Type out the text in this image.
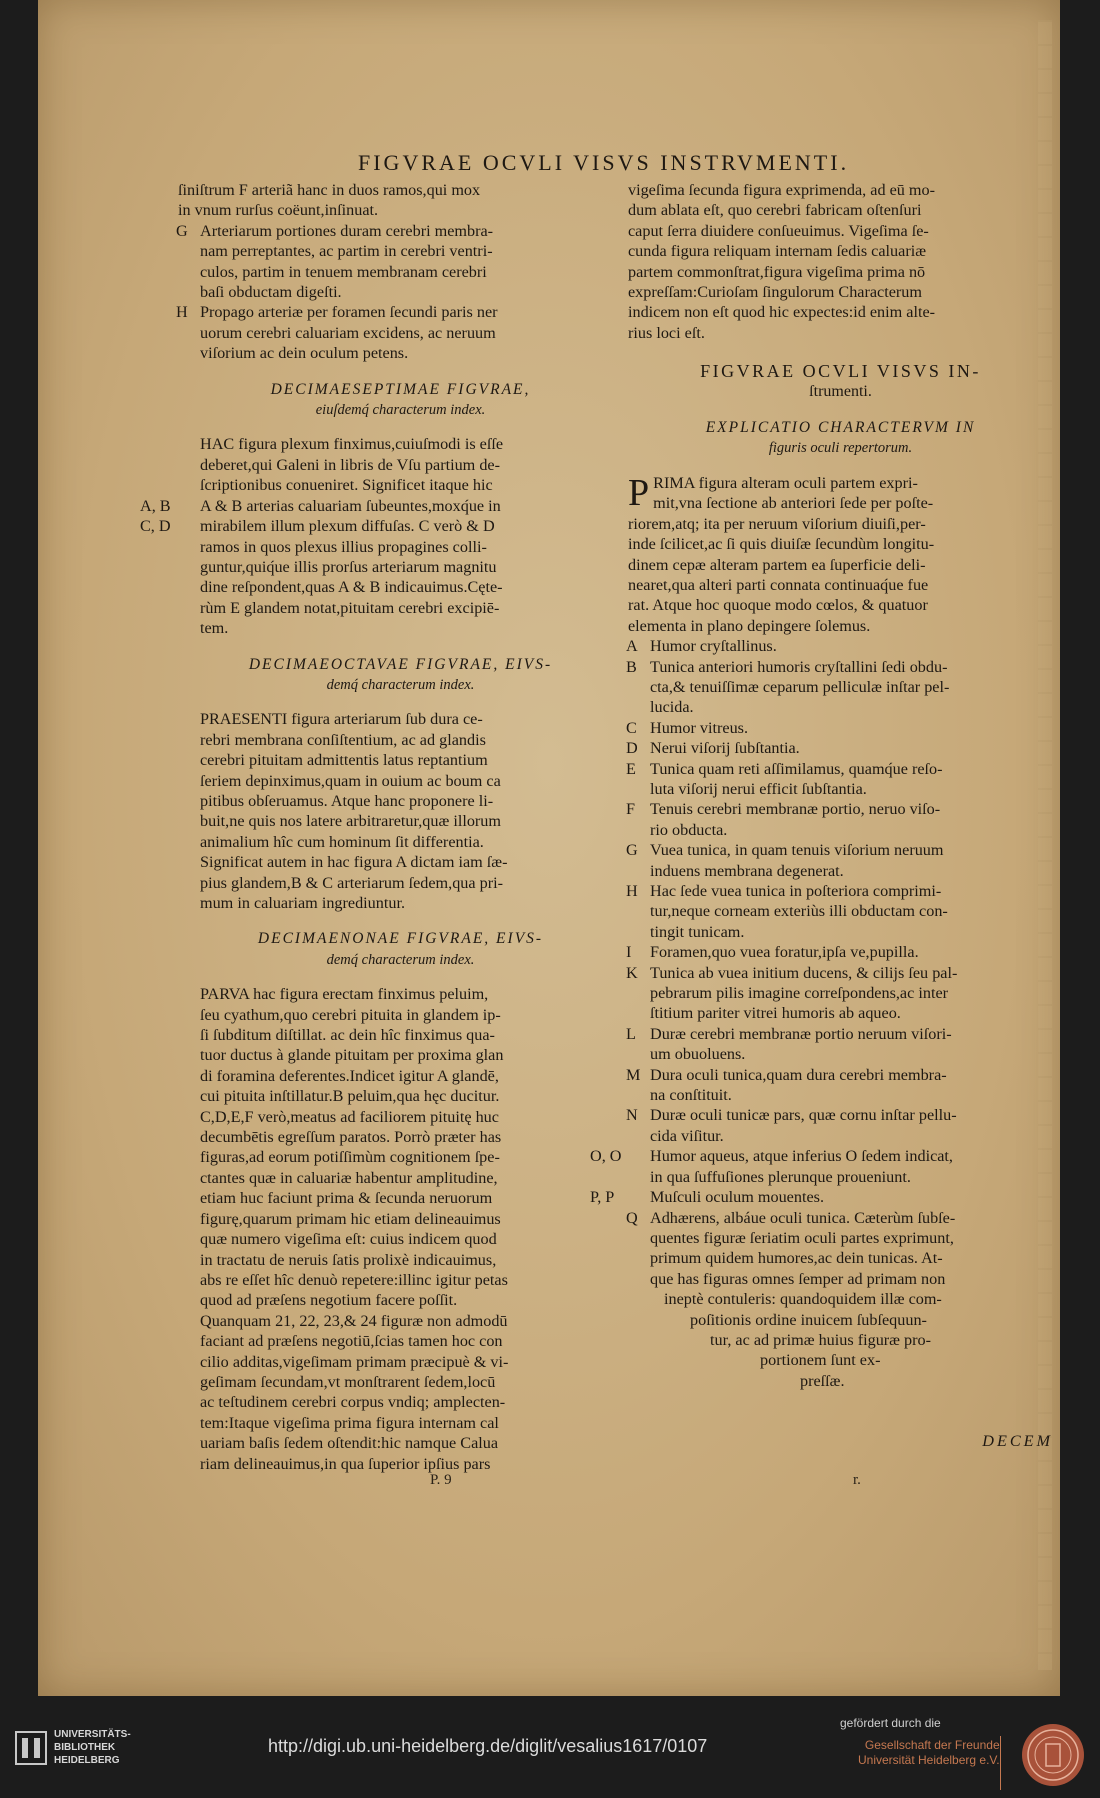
FIGVRAE OCVLI VISVS INSTRVMENTI.
ſiniſtrum F arteriã hanc in duos ramos,qui mox
in vnum rurſus coëunt,inſinuat.
G Arteriarum portiones duram cerebri membra-
nam perreptantes, ac partim in cerebri ventri-
culos, partim in tenuem membranam cerebri
baſi obductam digeſti.
H Propago arteriæ per foramen ſecundi paris ner
uorum cerebri caluariam excidens, ac neruum
viſorium ac dein oculum petens.
DECIMAESEPTIMAE FIGVRAE,
eiuſdemq́ characterum index.
HAC figura plexum finximus,cuiuſmodi is eſſe
deberet,qui Galeni in libris de Vſu partium de-
ſcriptionibus conueniret. Significet itaque hic
A, B A & B arterias caluariam ſubeuntes,moxq́ue in
C, D mirabilem illum plexum diffuſas. C verò & D
ramos in quos plexus illius propagines colli-
guntur,quiq́ue illis prorſus arteriarum magnitu
dine reſpondent,quas A & B indicauimus.Cęte-
rùm E glandem notat,pituitam cerebri excipiē-
tem.
DECIMAEOCTAVAE FIGVRAE, EIVS-
demq́ characterum index.
PRAESENTI figura arteriarum ſub dura ce-
rebri membrana conſiſtentium, ac ad glandis
cerebri pituitam admittentis latus reptantium
ſeriem depinximus,quam in ouium ac boum ca
pitibus obſeruamus. Atque hanc proponere li-
buit,ne quis nos latere arbitraretur,quæ illorum
animalium hîc cum hominum ſit differentia.
Significat autem in hac figura A dictam iam ſæ-
pius glandem,B & C arteriarum ſedem,qua pri-
mum in caluariam ingrediuntur.
DECIMAENONAE FIGVRAE, EIVS-
demq́ characterum index.
PARVA hac figura erectam finximus peluim,
ſeu cyathum,quo cerebri pituita in glandem ip-
ſi ſubditum diſtillat. ac dein hîc finximus qua-
tuor ductus à glande pituitam per proxima glan
di foramina deferentes.Indicet igitur A glandē,
cui pituita inſtillatur.B peluim,qua hęc ducitur.
C,D,E,F verò,meatus ad faciliorem pituitę huc
decumbētis egreſſum paratos. Porrò præter has
figuras,ad eorum potiſſimùm cognitionem ſpe-
ctantes quæ in caluariæ habentur amplitudine,
etiam huc faciunt prima & ſecunda neruorum
figurę,quarum primam hic etiam delineauimus
quæ numero vigeſima eſt: cuius indicem quod
in tractatu de neruis ſatis prolixè indicauimus,
abs re eſſet hîc denuò repetere:illinc igitur petas
quod ad præſens negotium facere poſſit.
Quanquam 21, 22, 23,& 24 figuræ non admodū
faciant ad præſens negotiū,ſcias tamen hoc con
cilio additas,vigeſimam primam præcipuè & vi-
geſimam ſecundam,vt monſtrarent ſedem,locū
ac teſtudinem cerebri corpus vndiq; amplecten-
tem:Itaque vigeſima prima figura internam cal
uariam baſis ſedem oſtendit:hic namque Calua
riam delineauimus,in qua ſuperior ipſius pars
vigeſima ſecunda figura exprimenda, ad eū mo-
dum ablata eſt, quo cerebri fabricam oſtenſuri
caput ſerra diuidere conſueuimus. Vigeſima ſe-
cunda figura reliquam internam ſedis caluariæ
partem commonſtrat,figura vigeſima prima nō
expreſſam:Curioſam ſingulorum Characterum
indicem non eſt quod hic expectes:id enim alte-
rius loci eſt.
FIGVRAE OCVLI VISVS IN-
ſtrumenti.
EXPLICATIO CHARACTERVM IN
figuris oculi repertorum.
P RIMA figura alteram oculi partem expri-
mit,vna ſectione ab anteriori ſede per poſte-
riorem,atq; ita per neruum viſorium diuiſi,per-
inde ſcilicet,ac ſi quis diuiſæ ſecundùm longitu-
dinem cepæ alteram partem ea ſuperficie deli-
nearet,qua alteri parti connata continuaq́ue fue
rat. Atque hoc quoque modo cœlos, & quatuor
elementa in plano depingere ſolemus.
A Humor cryſtallinus.
B Tunica anteriori humoris cryſtallini ſedi obdu-
cta,& tenuiſſimæ ceparum pelliculæ inſtar pel-
lucida.
C Humor vitreus.
D Nerui viſorij ſubſtantia.
E Tunica quam reti aſſimilamus, quamq́ue reſo-
luta viſorij nerui efficit ſubſtantia.
F Tenuis cerebri membranæ portio, neruo viſo-
rio obducta.
G Vuea tunica, in quam tenuis viſorium neruum
induens membrana degenerat.
H Hac ſede vuea tunica in poſteriora comprimi-
tur,neque corneam exteriùs illi obductam con-
tingit tunicam.
I	Foramen,quo vuea foratur,ipſa ve,pupilla.
K Tunica ab vuea initium ducens, & cilijs ſeu pal-
pebrarum pilis imagine correſpondens,ac inter
ſtitium pariter vitrei humoris ab aqueo.
L Duræ cerebri membranæ portio neruum viſori-
um obuoluens.
M Dura oculi tunica,quam dura cerebri membra-
na conſtituit.
N Duræ oculi tunicæ pars, quæ cornu inſtar pellu-
cida viſitur.
O, O Humor aqueus, atque inferius O ſedem indicat,
in qua ſuffuſiones plerunque proueniunt.
P, P	Muſculi oculum mouentes.
Q Adhærens, albáue oculi tunica. Cæterùm ſubſe-
quentes figuræ ſeriatim oculi partes exprimunt,
primum quidem humores,ac dein tunicas. At-
que has figuras omnes ſemper ad primam non
ineptè contuleris: quandoquidem illæ com-
poſitionis ordine inuicem ſubſequun-
tur, ac ad primæ huius figuræ pro-
portionem ſunt ex-
preſſæ.
DECEM
P. 9	r.
UNIVERSITÄTS-
BIBLIOTHEK
HEIDELBERG
http://digi.ub.uni-heidelberg.de/diglit/vesalius1617/0107
gefördert durch die
Gesellschaft der Freunde
Universität Heidelberg e.V.
